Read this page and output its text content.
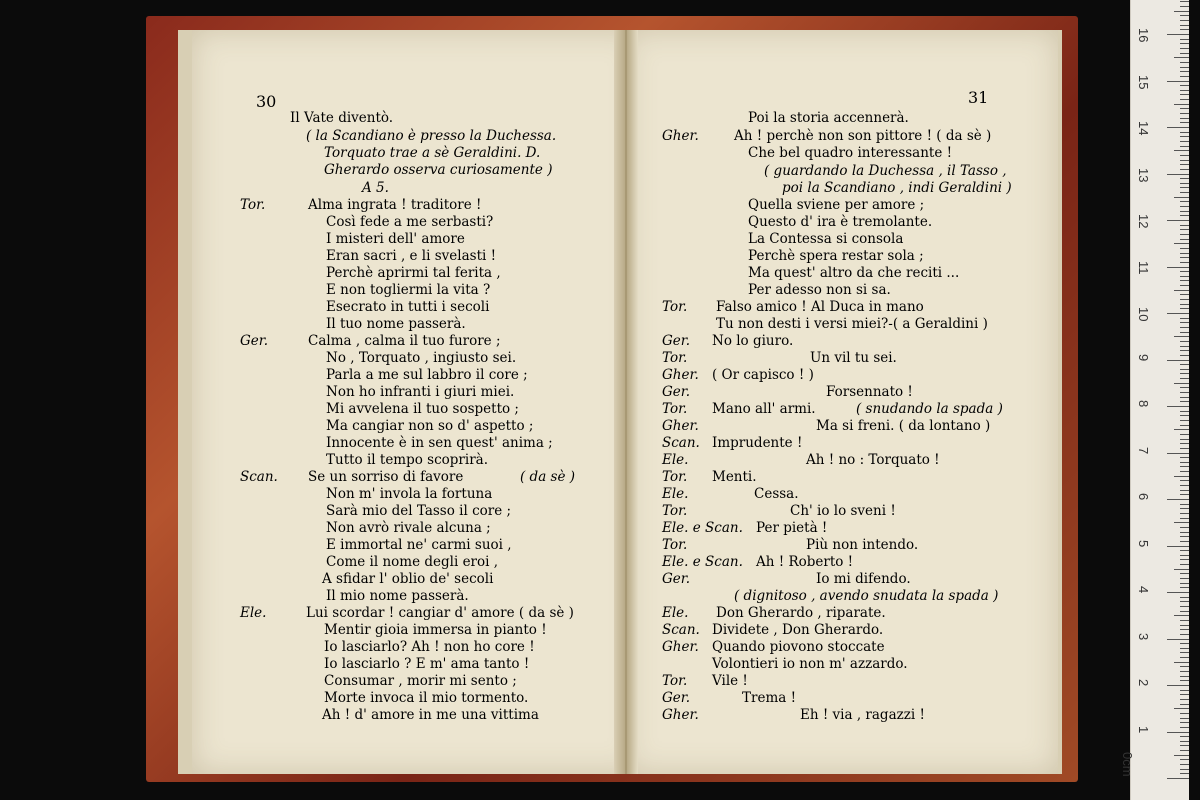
30	31
Il Vate diventò.
( la Scandiano è presso la Duchessa.
Torquato trae a sè Geraldini. D.
Gherardo osserva curiosamente )
A 5.
Tor.	Alma ingrata ! traditore !
Così fede a me serbasti?
I misteri dell' amore
Eran sacri , e li svelasti !
Perchè aprirmi tal ferita ,
E non togliermi la vita ?
Esecrato in tutti i secoli
Il tuo nome passerà.
Ger.	Calma , calma il tuo furore ;
No , Torquato , ingiusto sei.
Parla a me sul labbro il core ;
Non ho infranti i giuri miei.
Mi avvelena il tuo sospetto ;
Ma cangiar non so d' aspetto ;
Innocente è in sen quest' anima ;
Tutto il tempo scoprirà.
Scan. Se un sorriso di favore	( da sè )
Non m' invola la fortuna
Sarà mio del Tasso il core ;
Non avrò rivale alcuna ;
E immortal ne' carmi suoi ,
Come il nome degli eroi ,
A sfidar l' oblio de' secoli
Il mio nome passerà.
Ele.	Lui scordar ! cangiar d' amore ( da sè )
Mentir gioia immersa in pianto !
Io lasciarlo? Ah ! non ho core !
Io lasciarlo ? E m' ama tanto !
Consumar , morir mi sento ;
Morte invoca il mio tormento.
Ah ! d' amore in me una vittima
Poi la storia accennerà.
Gher.	Ah ! perchè non son pittore ! ( da sè )
Che bel quadro interessante !
( guardando la Duchessa , il Tasso ,
poi la Scandiano , indi Geraldini )
Quella sviene per amore ;
Questo d' ira è tremolante.
La Contessa si consola
Perchè spera restar sola ;
Ma quest' altro da che reciti ...
Per adesso non si sa.
Tor. Falso amico ! Al Duca in mano
Tu non desti i versi miei?-( a Geraldini )
Ger. No lo giuro.
Tor.	Un vil tu sei.
Gher. ( Or capisco ! )
Ger.	Forsennato !
Tor. Mano all' armi.	( snudando la spada )
Gher.	Ma si freni. ( da lontano )
Scan. Imprudente !
Ele.	Ah ! no : Torquato !
Tor. Menti.
Ele.	Cessa.
Tor.	Ch' io lo sveni !
Ele. e Scan. Per pietà !
Tor.	Più non intendo.
Ele. e Scan. Ah ! Roberto !
Ger.	Io mi difendo.
( dignitoso , avendo snudata la spada )
Ele. Don Gherardo , riparate.
Scan. Dividete , Don Gherardo.
Gher. Quando piovono stoccate
Volontieri io non m' azzardo.
Tor. Vile !
Ger.	Trema !
Gher.	Eh ! via , ragazzi !
0cm
1
2
3
4
5
6
7
8
9
10
11
12
13
14
15
16
